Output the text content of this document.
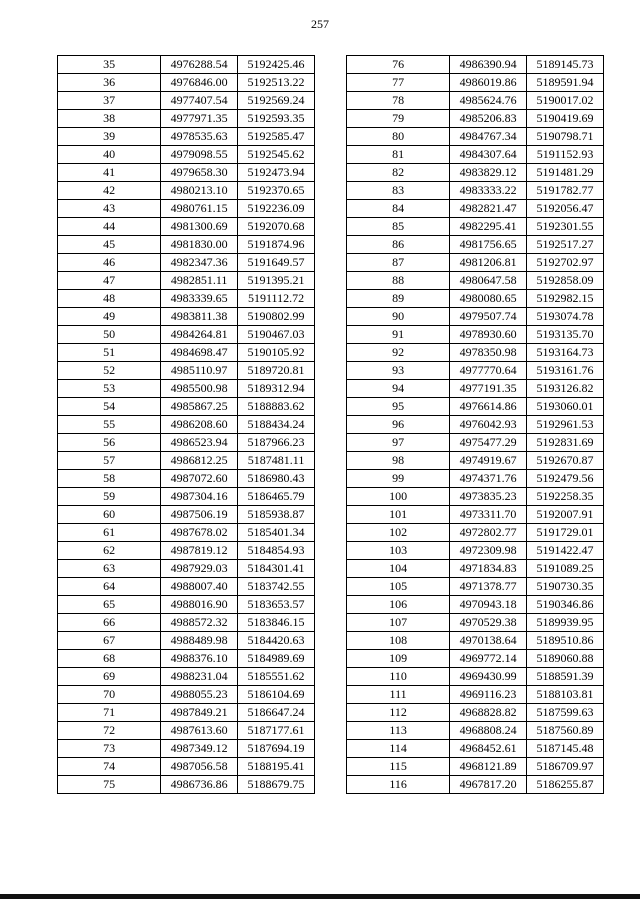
257
35	4976288.54	5192425.46
36	4976846.00	5192513.22
37	4977407.54	5192569.24
38	4977971.35	5192593.35
39	4978535.63	5192585.47
40	4979098.55	5192545.62
41	4979658.30	5192473.94
42	4980213.10	5192370.65
43	4980761.15	5192236.09
44	4981300.69	5192070.68
45	4981830.00	5191874.96
46	4982347.36	5191649.57
47	4982851.11	5191395.21
48	4983339.65	5191112.72
49	4983811.38	5190802.99
50	4984264.81	5190467.03
51	4984698.47	5190105.92
52	4985110.97	5189720.81
53	4985500.98	5189312.94
54	4985867.25	5188883.62
55	4986208.60	5188434.24
56	4986523.94	5187966.23
57	4986812.25	5187481.11
58	4987072.60	5186980.43
59	4987304.16	5186465.79
60	4987506.19	5185938.87
61	4987678.02	5185401.34
62	4987819.12	5184854.93
63	4987929.03	5184301.41
64	4988007.40	5183742.55
65	4988016.90	5183653.57
66	4988572.32	5183846.15
67	4988489.98	5184420.63
68	4988376.10	5184989.69
69	4988231.04	5185551.62
70	4988055.23	5186104.69
71	4987849.21	5186647.24
72	4987613.60	5187177.61
73	4987349.12	5187694.19
74	4987056.58	5188195.41
75	4986736.86	5188679.75
76	4986390.94	5189145.73
77	4986019.86	5189591.94
78	4985624.76	5190017.02
79	4985206.83	5190419.69
80	4984767.34	5190798.71
81	4984307.64	5191152.93
82	4983829.12	5191481.29
83	4983333.22	5191782.77
84	4982821.47	5192056.47
85	4982295.41	5192301.55
86	4981756.65	5192517.27
87	4981206.81	5192702.97
88	4980647.58	5192858.09
89	4980080.65	5192982.15
90	4979507.74	5193074.78
91	4978930.60	5193135.70
92	4978350.98	5193164.73
93	4977770.64	5193161.76
94	4977191.35	5193126.82
95	4976614.86	5193060.01
96	4976042.93	5192961.53
97	4975477.29	5192831.69
98	4974919.67	5192670.87
99	4974371.76	5192479.56
100	4973835.23	5192258.35
101	4973311.70	5192007.91
102	4972802.77	5191729.01
103	4972309.98	5191422.47
104	4971834.83	5191089.25
105	4971378.77	5190730.35
106	4970943.18	5190346.86
107	4970529.38	5189939.95
108	4970138.64	5189510.86
109	4969772.14	5189060.88
110	4969430.99	5188591.39
111	4969116.23	5188103.81
112	4968828.82	5187599.63
113	4968808.24	5187560.89
114	4968452.61	5187145.48
115	4968121.89	5186709.97
116	4967817.20	5186255.87
